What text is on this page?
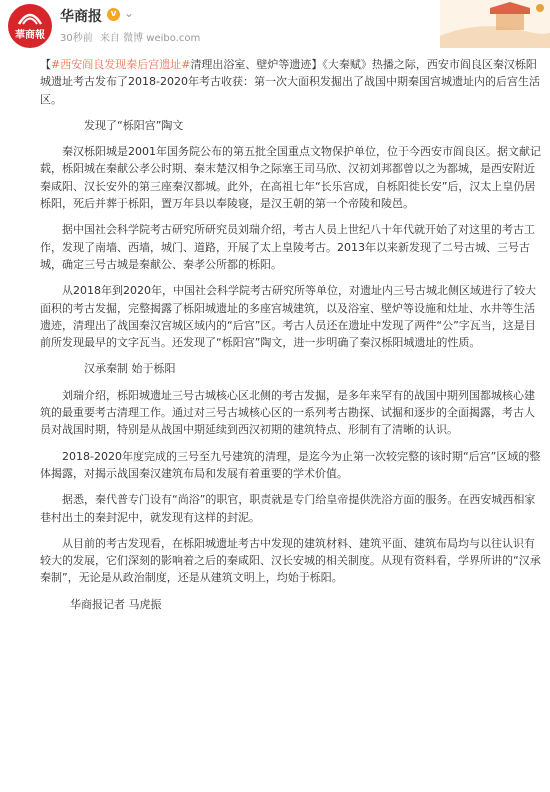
華商報
华商报 v ⌄
30秒前 来自 微博 weibo.com

【#西安阎良发现秦后宫遗址#清理出浴室、壁炉等遗迹】《大秦赋》热播之际，西安市阎良区秦汉栎阳城遗址考古发布了2018-2020年考古收获：第一次大面积发掘出了战国中期秦国宫城遗址内的后宫生活区。

发现了“栎阳宫”陶文

秦汉栎阳城是2001年国务院公布的第五批全国重点文物保护单位，位于今西安市阎良区。据文献记载，栎阳城在秦献公孝公时期、秦末楚汉相争之际塞王司马欣、汉初刘邦都曾以之为都城，是西安附近秦咸阳、汉长安外的第三座秦汉都城。此外，在高祖七年“长乐宫成，自栎阳徙长安”后，汉太上皇仍居栎阳，死后并葬于栎阳，置万年县以奉陵寝，是汉王朝的第一个帝陵和陵邑。

据中国社会科学院考古研究所研究员刘瑞介绍，考古人员上世纪八十年代就开始了对这里的考古工作，发现了南墙、西墙，城门、道路，开展了太上皇陵考古。2013年以来新发现了二号古城、三号古城，确定三号古城是秦献公、秦孝公所都的栎阳。

从2018年到2020年，中国社会科学院考古研究所等单位，对遗址内三号古城北侧区域进行了较大面积的考古发掘，完整揭露了栎阳城遗址的多座宫城建筑，以及浴室、壁炉等设施和灶址、水井等生活遗迹，清理出了战国秦汉宫城区域内的“后宫”区。考古人员还在遗址中发现了两件“公”字瓦当，这是目前所发现最早的文字瓦当。还发现了“栎阳宫”陶文，进一步明确了秦汉栎阳城遗址的性质。

汉承秦制 始于栎阳

刘瑞介绍，栎阳城遗址三号古城核心区北侧的考古发掘，是多年来罕有的战国中期列国都城核心建筑的最重要考古清理工作。通过对三号古城核心区的一系列考古勘探、试掘和逐步的全面揭露，考古人员对战国时期，特别是从战国中期延续到西汉初期的建筑特点、形制有了清晰的认识。

2018-2020年度完成的三号至九号建筑的清理，是迄今为止第一次较完整的该时期“后宫”区域的整体揭露，对揭示战国秦汉建筑布局和发展有着重要的学术价值。

据悉，秦代普专门设有“尚浴”的职官，职责就是专门给皇帝提供洗浴方面的服务。在西安城西相家巷村出土的秦封泥中，就发现有这样的封泥。

从目前的考古发现看，在栎阳城遗址考古中发现的建筑材料、建筑平面、建筑布局均与以往认识有较大的发展，它们深刻的影响着之后的秦咸阳、汉长安城的相关制度。从现有资料看，学界所讲的“汉承秦制”，无论是从政治制度，还是从建筑文明上，均始于栎阳。

华商报记者 马虎振
